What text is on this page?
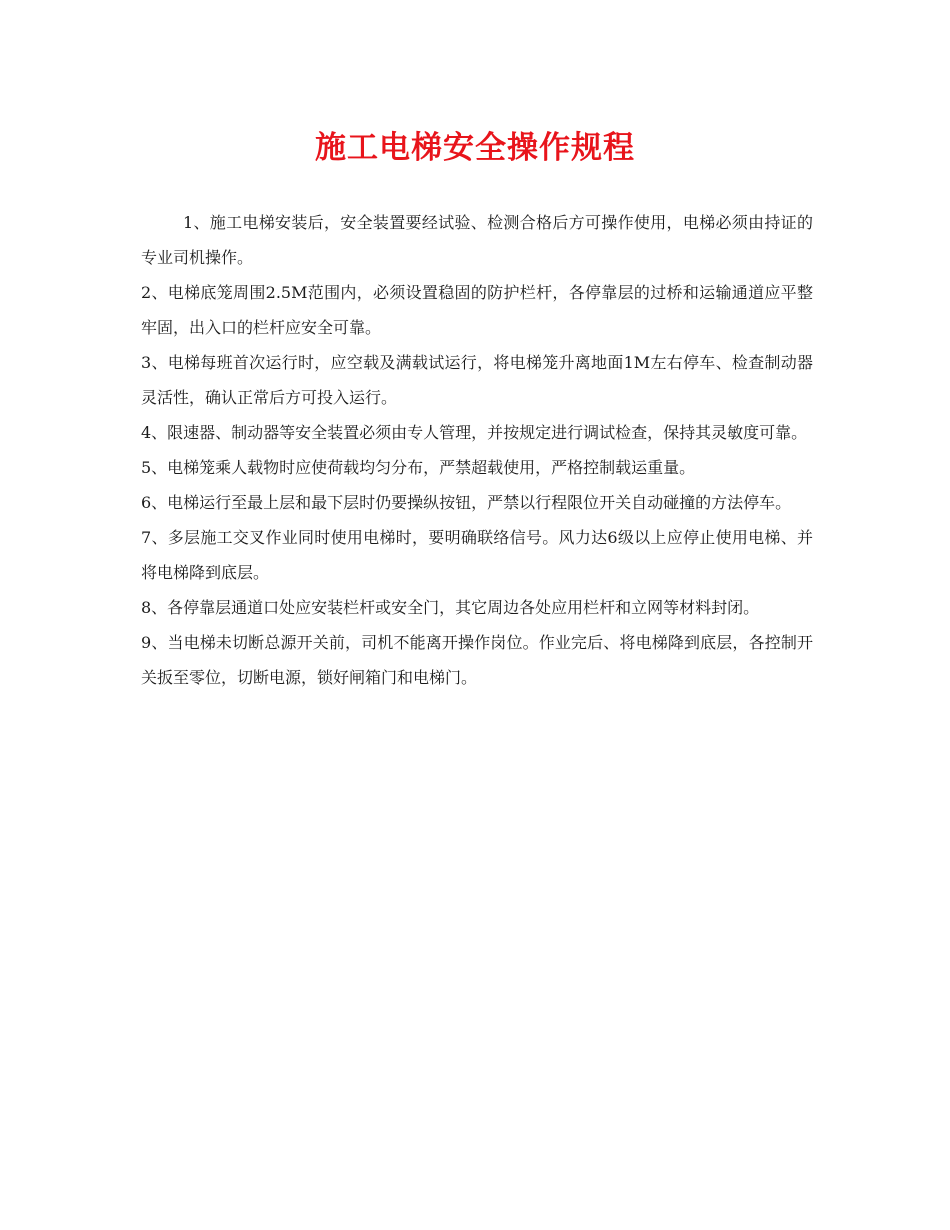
施工电梯安全操作规程

1、施工电梯安装后，安全装置要经试验、检测合格后方可操作使用，电梯必须由持证的专业司机操作。

2、电梯底笼周围2.5M范围内，必须设置稳固的防护栏杆，各停靠层的过桥和运输通道应平整牢固，出入口的栏杆应安全可靠。

3、电梯每班首次运行时，应空载及满载试运行，将电梯笼升离地面1M左右停车、检查制动器灵活性，确认正常后方可投入运行。

4、限速器、制动器等安全装置必须由专人管理，并按规定进行调试检查，保持其灵敏度可靠。

5、电梯笼乘人载物时应使荷载均匀分布，严禁超载使用，严格控制载运重量。

6、电梯运行至最上层和最下层时仍要操纵按钮，严禁以行程限位开关自动碰撞的方法停车。

7、多层施工交叉作业同时使用电梯时，要明确联络信号。风力达6级以上应停止使用电梯、并将电梯降到底层。

8、各停靠层通道口处应安装栏杆或安全门，其它周边各处应用栏杆和立网等材料封闭。

9、当电梯未切断总源开关前，司机不能离开操作岗位。作业完后、将电梯降到底层，各控制开关扳至零位，切断电源，锁好闸箱门和电梯门。
